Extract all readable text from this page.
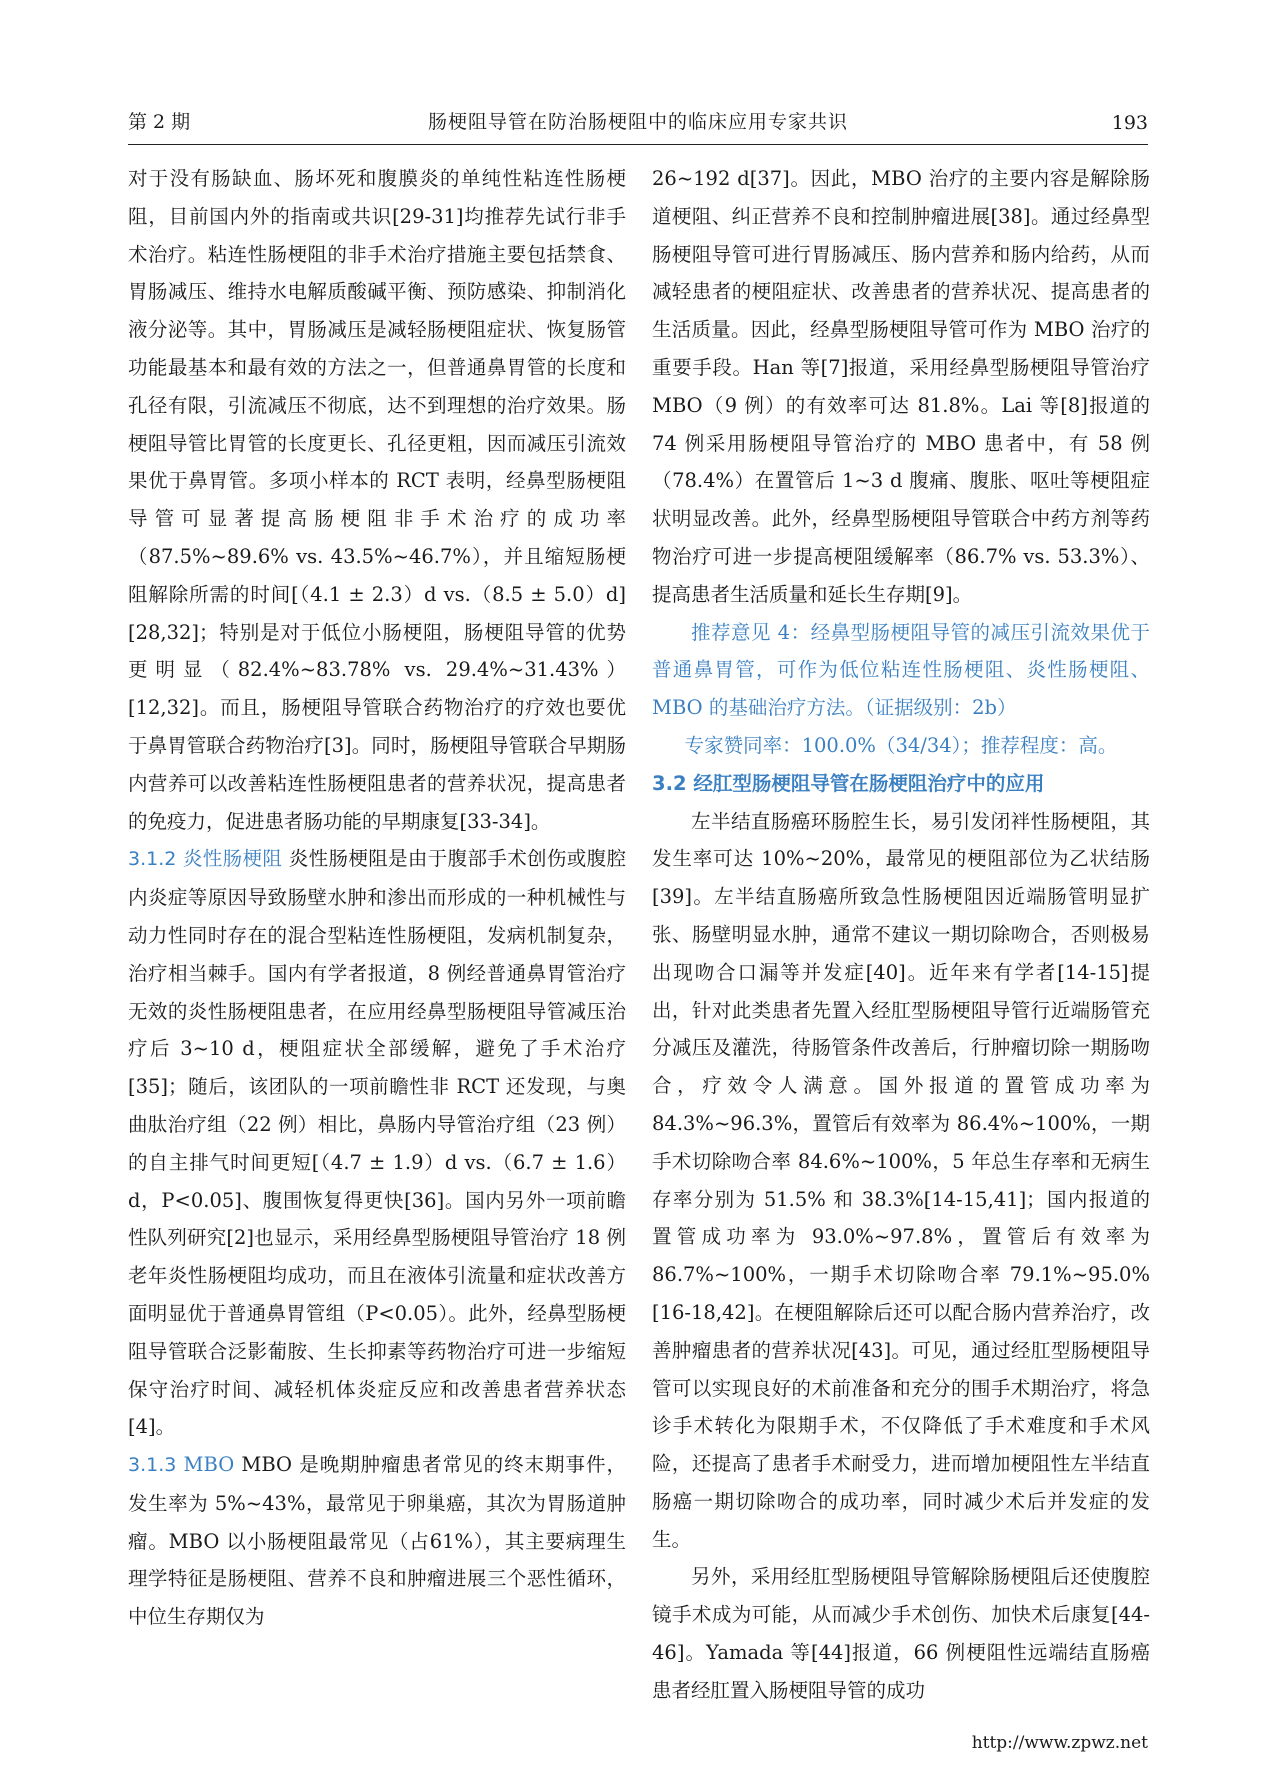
第 2 期	肠梗阻导管在防治肠梗阻中的临床应用专家共识	193

对于没有肠缺血、肠坏死和腹膜炎的单纯性粘连性肠梗阻，目前国内外的指南或共识[29-31]均推荐先试行非手术治疗。粘连性肠梗阻的非手术治疗措施主要包括禁食、胃肠减压、维持水电解质酸碱平衡、预防感染、抑制消化液分泌等。其中，胃肠减压是减轻肠梗阻症状、恢复肠管功能最基本和最有效的方法之一，但普通鼻胃管的长度和孔径有限，引流减压不彻底，达不到理想的治疗效果。肠梗阻导管比胃管的长度更长、孔径更粗，因而减压引流效果优于鼻胃管。多项小样本的 RCT 表明，经鼻型肠梗阻导管可显著提高肠梗阻非手术治疗的成功率（87.5%~89.6% vs. 43.5%~46.7%），并且缩短肠梗阻解除所需的时间[（4.1 ± 2.3）d vs.（8.5 ± 5.0）d][28,32]；特别是对于低位小肠梗阻，肠梗阻导管的优势更明显（82.4%~83.78% vs. 29.4%~31.43%）[12,32]。而且，肠梗阻导管联合药物治疗的疗效也要优于鼻胃管联合药物治疗[3]。同时，肠梗阻导管联合早期肠内营养可以改善粘连性肠梗阻患者的营养状况，提高患者的免疫力，促进患者肠功能的早期康复[33-34]。

3.1.2 炎性肠梗阻 炎性肠梗阻是由于腹部手术创伤或腹腔内炎症等原因导致肠壁水肿和渗出而形成的一种机械性与动力性同时存在的混合型粘连性肠梗阻，发病机制复杂，治疗相当棘手。国内有学者报道，8 例经普通鼻胃管治疗无效的炎性肠梗阻患者，在应用经鼻型肠梗阻导管减压治疗后 3~10 d，梗阻症状全部缓解，避免了手术治疗[35]；随后，该团队的一项前瞻性非 RCT 还发现，与奥曲肽治疗组（22 例）相比，鼻肠内导管治疗组（23 例）的自主排气时间更短[（4.7 ± 1.9）d vs.（6.7 ± 1.6）d，P<0.05]、腹围恢复得更快[36]。国内另外一项前瞻性队列研究[2]也显示，采用经鼻型肠梗阻导管治疗 18 例老年炎性肠梗阻均成功，而且在液体引流量和症状改善方面明显优于普通鼻胃管组（P<0.05）。此外，经鼻型肠梗阻导管联合泛影葡胺、生长抑素等药物治疗可进一步缩短保守治疗时间、减轻机体炎症反应和改善患者营养状态[4]。

3.1.3 MBO MBO 是晚期肿瘤患者常见的终末期事件，发生率为 5%~43%，最常见于卵巢癌，其次为胃肠道肿瘤。MBO 以小肠梗阻最常见（占61%），其主要病理生理学特征是肠梗阻、营养不良和肿瘤进展三个恶性循环，中位生存期仅为

26~192 d[37]。因此，MBO 治疗的主要内容是解除肠道梗阻、纠正营养不良和控制肿瘤进展[38]。通过经鼻型肠梗阻导管可进行胃肠减压、肠内营养和肠内给药，从而减轻患者的梗阻症状、改善患者的营养状况、提高患者的生活质量。因此，经鼻型肠梗阻导管可作为 MBO 治疗的重要手段。Han 等[7]报道，采用经鼻型肠梗阻导管治疗 MBO（9 例）的有效率可达 81.8%。Lai 等[8]报道的 74 例采用肠梗阻导管治疗的 MBO 患者中，有 58 例（78.4%）在置管后 1~3 d 腹痛、腹胀、呕吐等梗阻症状明显改善。此外，经鼻型肠梗阻导管联合中药方剂等药物治疗可进一步提高梗阻缓解率（86.7% vs. 53.3%）、提高患者生活质量和延长生存期[9]。

推荐意见 4：经鼻型肠梗阻导管的减压引流效果优于普通鼻胃管，可作为低位粘连性肠梗阻、炎性肠梗阻、MBO 的基础治疗方法。（证据级别：2b）

专家赞同率：100.0%（34/34）；推荐程度：高。

3.2 经肛型肠梗阻导管在肠梗阻治疗中的应用

左半结直肠癌环肠腔生长，易引发闭袢性肠梗阻，其发生率可达 10%~20%，最常见的梗阻部位为乙状结肠[39]。左半结直肠癌所致急性肠梗阻因近端肠管明显扩张、肠壁明显水肿，通常不建议一期切除吻合，否则极易出现吻合口漏等并发症[40]。近年来有学者[14-15]提出，针对此类患者先置入经肛型肠梗阻导管行近端肠管充分减压及灌洗，待肠管条件改善后，行肿瘤切除一期肠吻合，疗效令人满意。国外报道的置管成功率为 84.3%~96.3%，置管后有效率为 86.4%~100%，一期手术切除吻合率 84.6%~100%，5 年总生存率和无病生存率分别为 51.5% 和 38.3%[14-15,41]；国内报道的置管成功率为 93.0%~97.8%，置管后有效率为 86.7%~100%，一期手术切除吻合率 79.1%~95.0%[16-18,42]。在梗阻解除后还可以配合肠内营养治疗，改善肿瘤患者的营养状况[43]。可见，通过经肛型肠梗阻导管可以实现良好的术前准备和充分的围手术期治疗，将急诊手术转化为限期手术，不仅降低了手术难度和手术风险，还提高了患者手术耐受力，进而增加梗阻性左半结直肠癌一期切除吻合的成功率，同时减少术后并发症的发生。

另外，采用经肛型肠梗阻导管解除肠梗阻后还使腹腔镜手术成为可能，从而减少手术创伤、加快术后康复[44-46]。Yamada 等[44]报道，66 例梗阻性远端结直肠癌患者经肛置入肠梗阻导管的成功

http://www.zpwz.net
